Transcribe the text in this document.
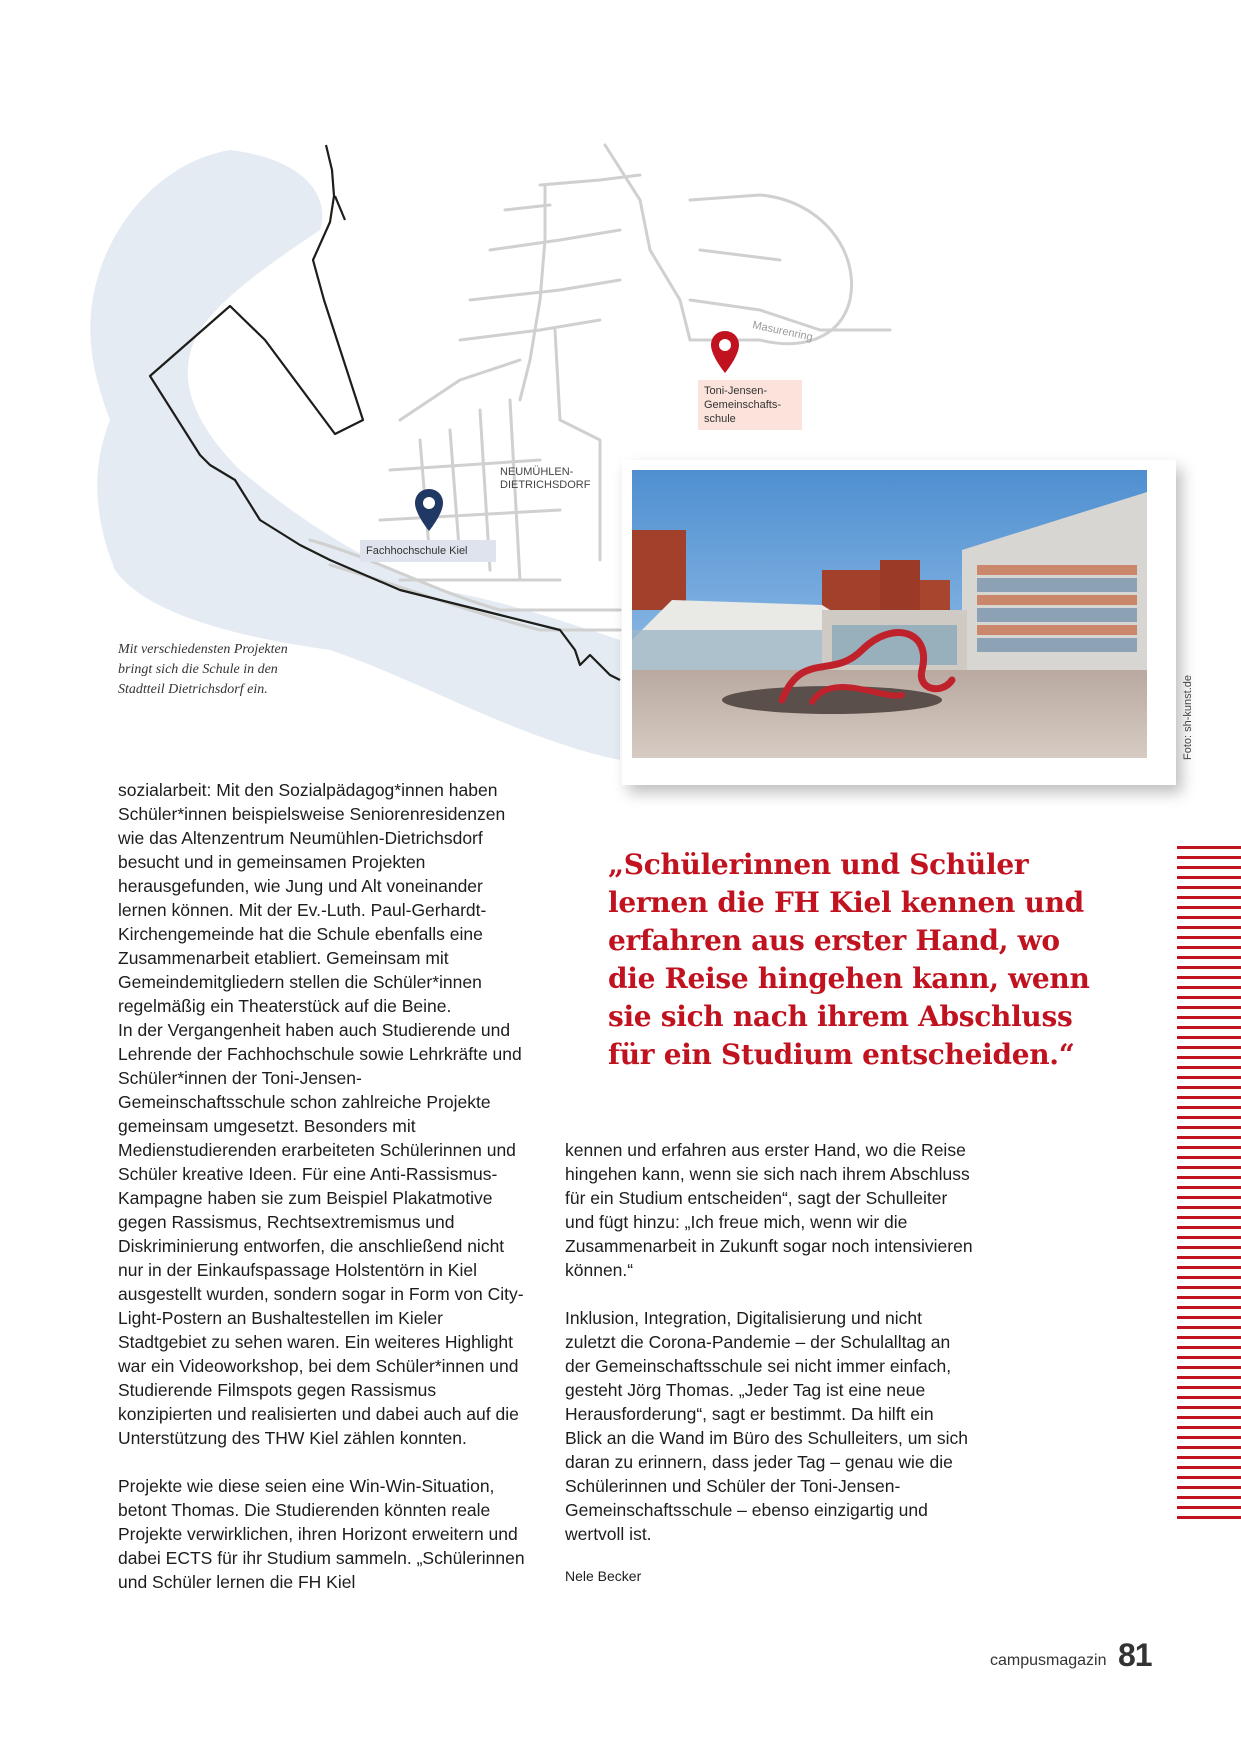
Masurenring
NEUMÜHLEN-
DIETRICHSDORF
Toni-Jensen-
Gemeinschafts-
schule
Fachhochschule Kiel
Mit verschiedensten Projekten bringt sich die Schule in den Stadtteil Dietrichsdorf ein.	Foto: sh-kunst.de

sozialarbeit: Mit den Sozialpädagog*innen haben Schüler*innen beispielsweise Seniorenresidenzen wie das Altenzentrum Neumühlen-Dietrichsdorf besucht und in gemeinsamen Projekten herausgefunden, wie Jung und Alt voneinander lernen können. Mit der Ev.-Luth. Paul-Gerhardt-Kirchengemeinde hat die Schule ebenfalls eine Zusammenarbeit etabliert. Gemeinsam mit Gemeindemitgliedern stellen die Schüler*innen regelmäßig ein Theaterstück auf die Beine.

In der Vergangenheit haben auch Studierende und Lehrende der Fachhochschule sowie Lehrkräfte und Schüler*innen der Toni-Jensen-Gemeinschaftsschule schon zahlreiche Projekte gemeinsam umgesetzt. Besonders mit Medienstudierenden erarbeiteten Schülerinnen und Schüler kreative Ideen. Für eine Anti-Rassismus-Kampagne haben sie zum Beispiel Plakatmotive gegen Rassismus, Rechtsextremismus und Diskriminierung entworfen, die anschließend nicht nur in der Einkaufspassage Holstentörn in Kiel ausgestellt wurden, sondern sogar in Form von City-Light-Postern an Bushaltestellen im Kieler Stadtgebiet zu sehen waren. Ein weiteres Highlight war ein Videoworkshop, bei dem Schüler*innen und Studierende Filmspots gegen Rassismus konzipierten und realisierten und dabei auch auf die Unterstützung des THW Kiel zählen konnten.

Projekte wie diese seien eine Win-Win-Situation, betont Thomas. Die Studierenden könnten reale Projekte verwirklichen, ihren Horizont erweitern und dabei ECTS für ihr Studium sammeln. „Schülerinnen und Schüler lernen die FH Kiel

„Schülerinnen und Schüler lernen die FH Kiel kennen und erfahren aus erster Hand, wo die Reise hingehen kann, wenn sie sich nach ihrem Abschluss für ein Studium entscheiden.“

kennen und erfahren aus erster Hand, wo die Reise hingehen kann, wenn sie sich nach ihrem Abschluss für ein Studium entscheiden“, sagt der Schulleiter und fügt hinzu: „Ich freue mich, wenn wir die Zusammenarbeit in Zukunft sogar noch intensivieren können.“

Inklusion, Integration, Digitalisierung und nicht zuletzt die Corona-Pandemie – der Schulalltag an der Gemeinschaftsschule sei nicht immer einfach, gesteht Jörg Thomas. „Jeder Tag ist eine neue Herausforderung“, sagt er bestimmt. Da hilft ein Blick an die Wand im Büro des Schulleiters, um sich daran zu erinnern, dass jeder Tag – genau wie die Schülerinnen und Schüler der Toni-Jensen-Gemeinschaftsschule – ebenso einzigartig und wertvoll ist.

Nele Becker
campusmagazin 81
